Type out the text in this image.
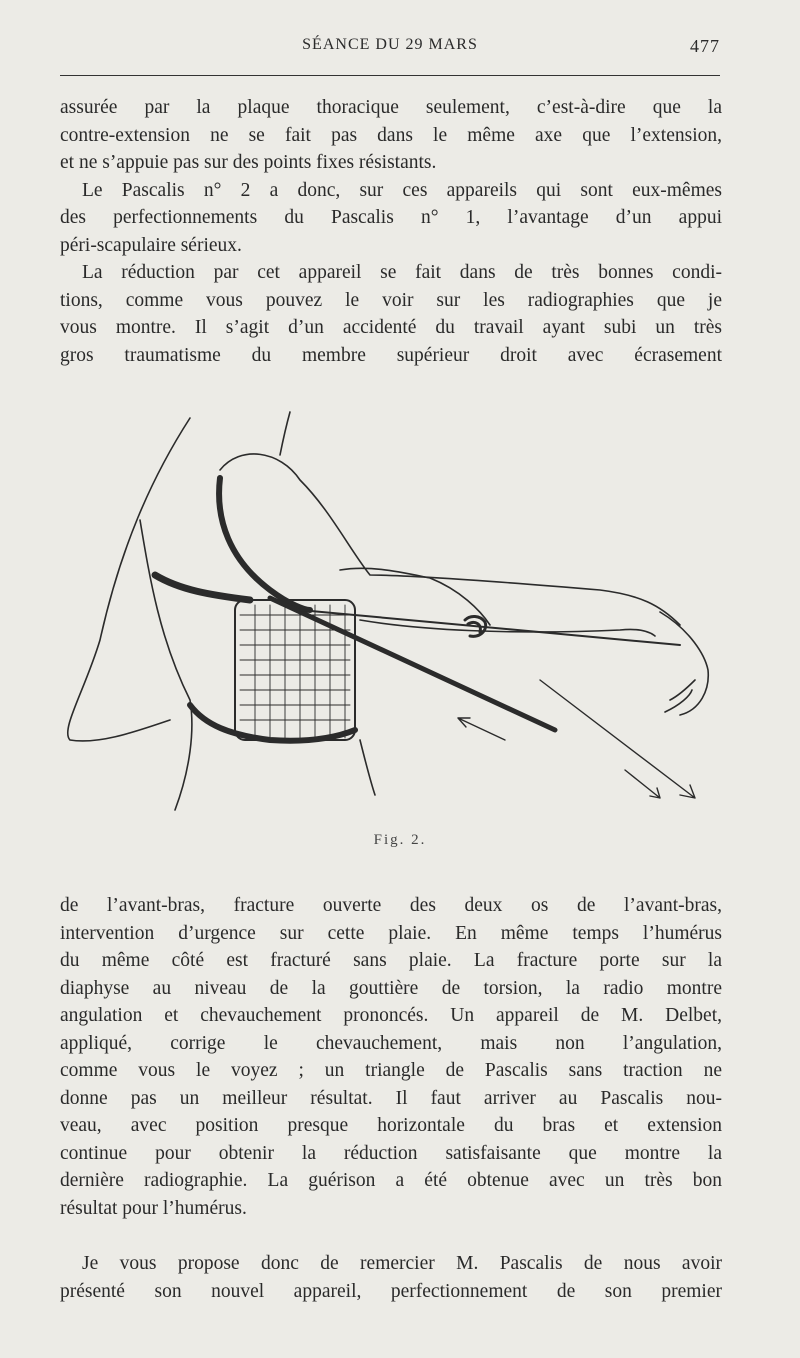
SÉANCE DU 29 MARS	477

assurée par la plaque thoracique seulement, c’est-à-dire que la
contre-extension ne se fait pas dans le même axe que l’extension,
et ne s’appuie pas sur des points fixes résistants.

Le Pascalis n° 2 a donc, sur ces appareils qui sont eux-mêmes
des perfectionnements du Pascalis n° 1, l’avantage d’un appui
péri-scapulaire sérieux.

La réduction par cet appareil se fait dans de très bonnes condi-
tions, comme vous pouvez le voir sur les radiographies que je
vous montre. Il s’agit d’un accidenté du travail ayant subi un très
gros traumatisme du membre supérieur droit avec écrasement

Fig. 2.

de l’avant-bras, fracture ouverte des deux os de l’avant-bras,
intervention d’urgence sur cette plaie. En même temps l’humérus
du même côté est fracturé sans plaie. La fracture porte sur la
diaphyse au niveau de la gouttière de torsion, la radio montre
angulation et chevauchement prononcés. Un appareil de M. Delbet,
appliqué, corrige le chevauchement, mais non l’angulation,
comme vous le voyez ; un triangle de Pascalis sans traction ne
donne pas un meilleur résultat. Il faut arriver au Pascalis nou-
veau, avec position presque horizontale du bras et extension
continue pour obtenir la réduction satisfaisante que montre la
dernière radiographie. La guérison a été obtenue avec un très bon
résultat pour l’humérus.

Je vous propose donc de remercier M. Pascalis de nous avoir
présenté son nouvel appareil, perfectionnement de son premier
